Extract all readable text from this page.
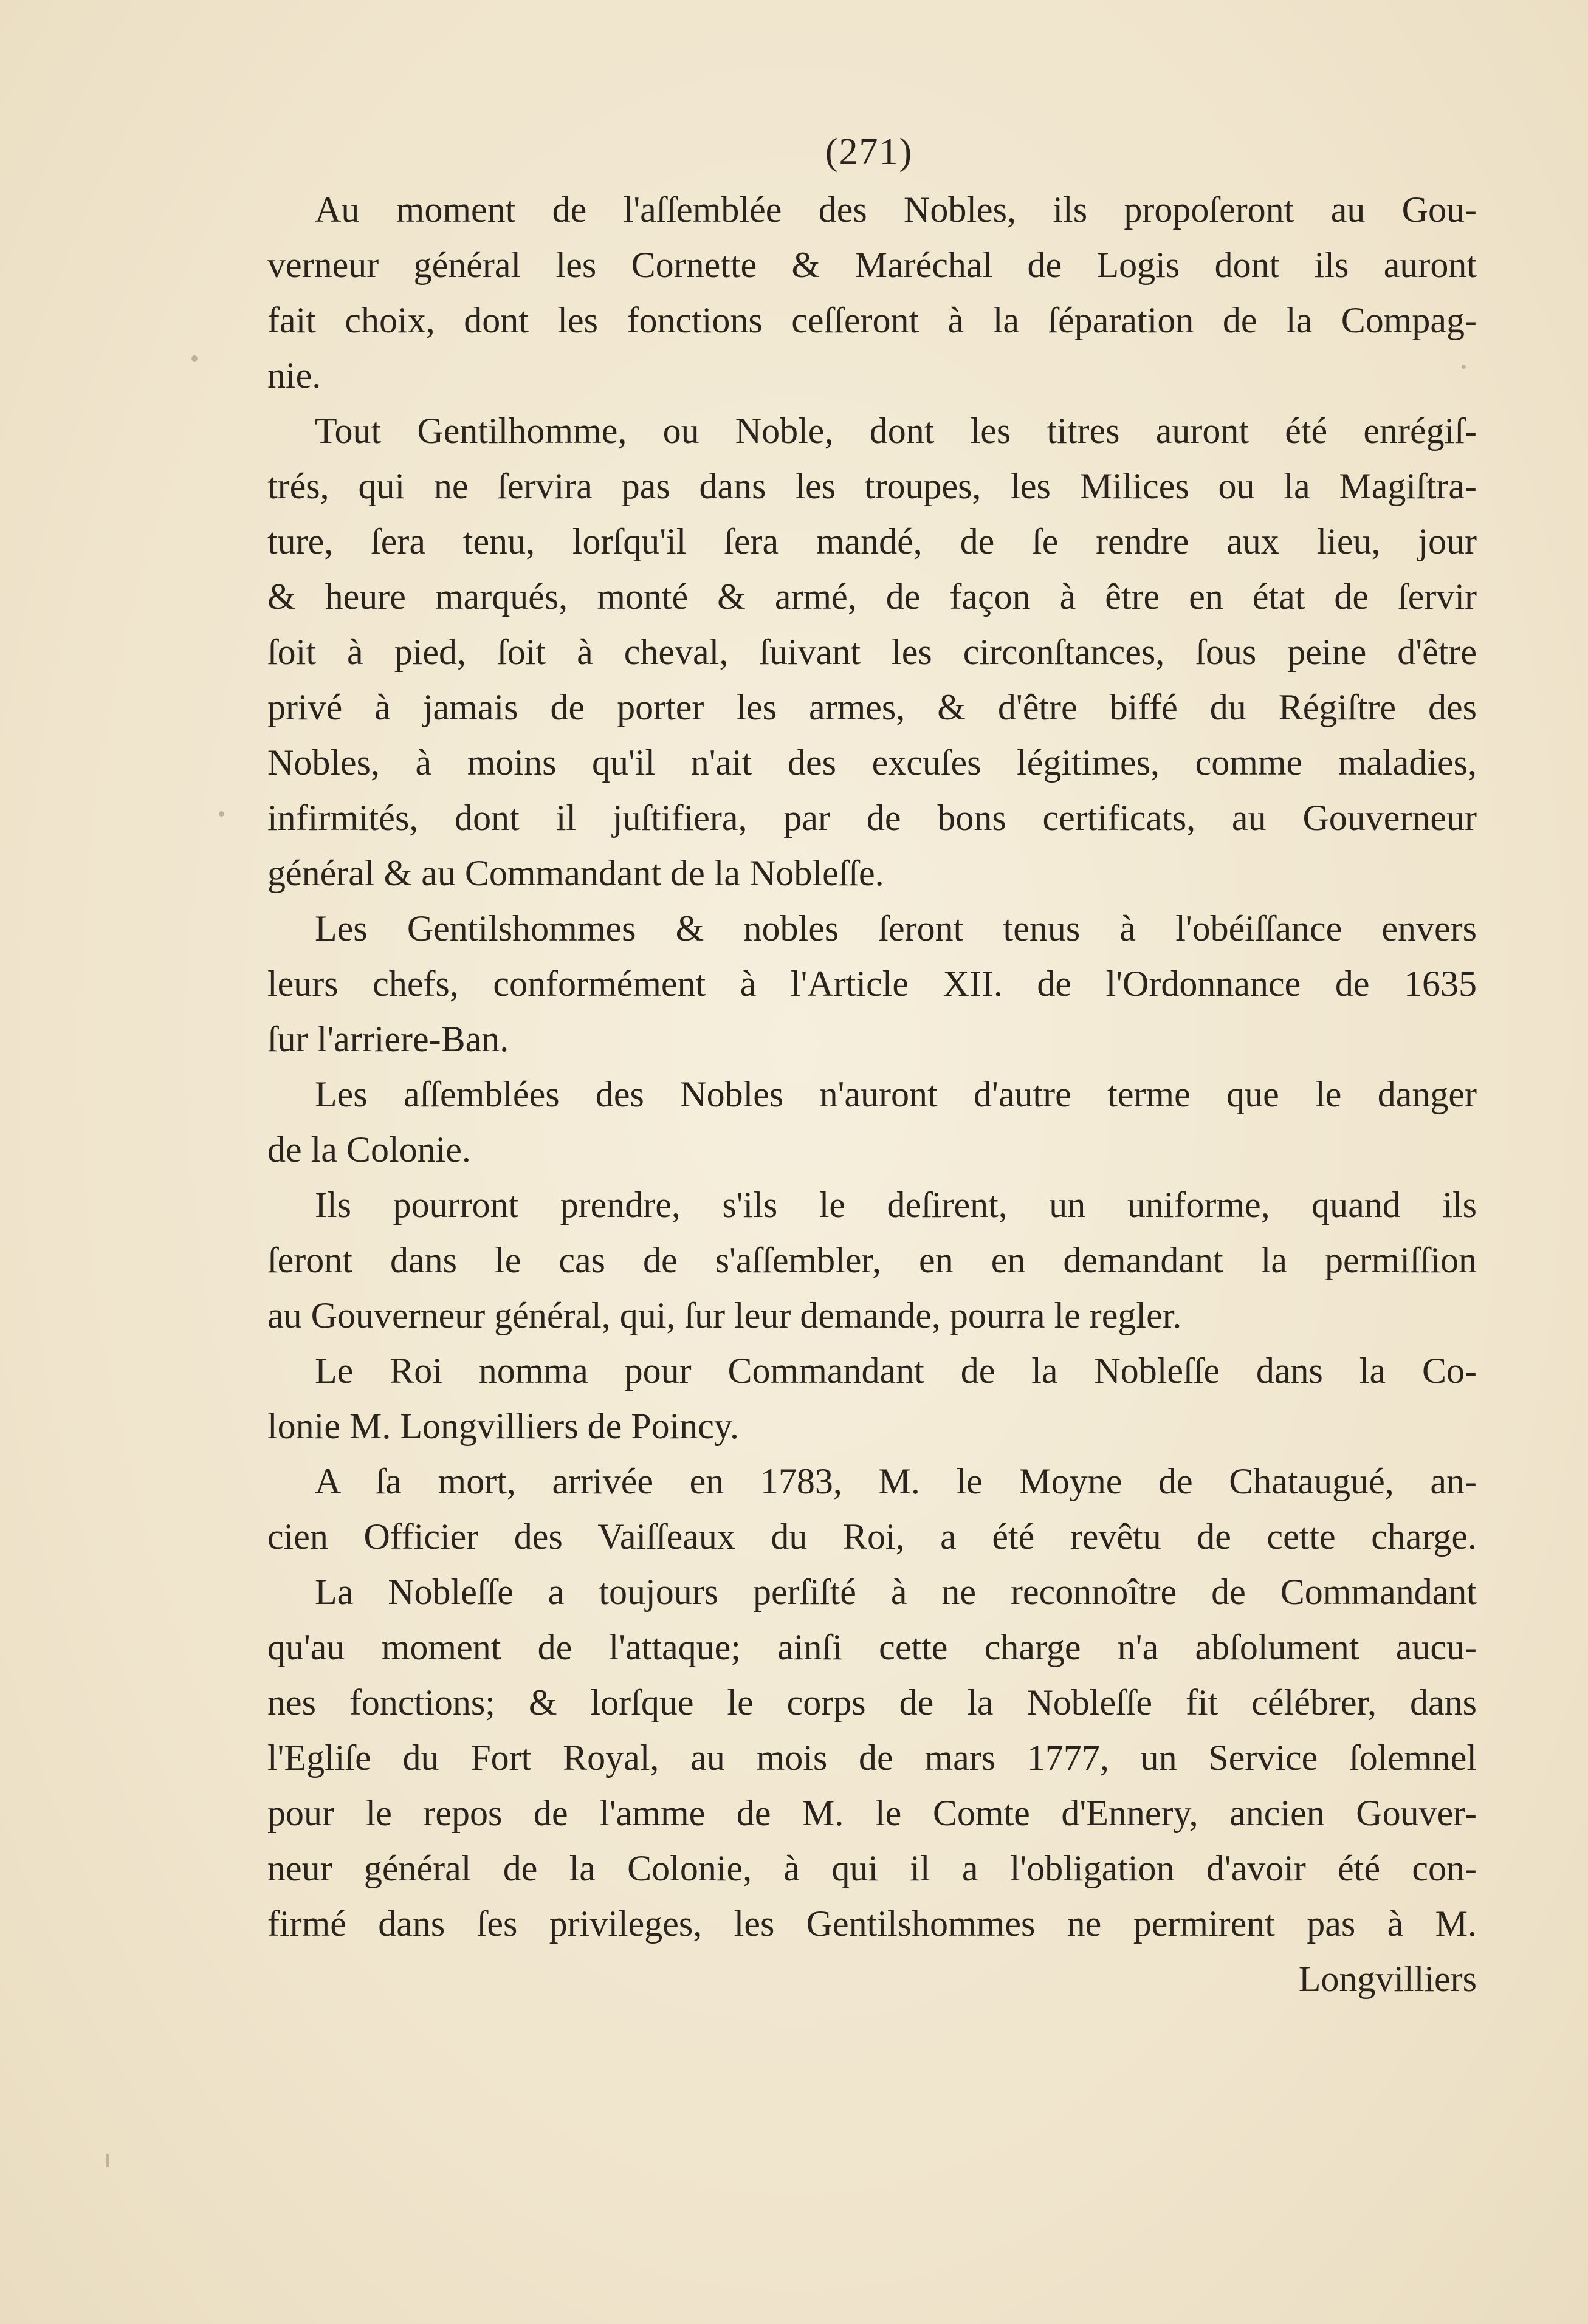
(271)
Au moment de l'aſſemblée des Nobles, ils propoſeront au Gou-
verneur général les Cornette & Maréchal de Logis dont ils auront
fait choix, dont les fonctions ceſſeront à la ſéparation de la Compag-
nie.
Tout Gentilhomme, ou Noble, dont les titres auront été enrégiſ-
trés, qui ne ſervira pas dans les troupes, les Milices ou la Magiſtra-
ture, ſera tenu, lorſqu'il ſera mandé, de ſe rendre aux lieu, jour
& heure marqués, monté & armé, de façon à être en état de ſervir
ſoit à pied, ſoit à cheval, ſuivant les circonſtances, ſous peine d'être
privé à jamais de porter les armes, & d'être biffé du Régiſtre des
Nobles, à moins qu'il n'ait des excuſes légitimes, comme maladies,
infirmités, dont il juſtifiera, par de bons certificats, au Gouverneur
général & au Commandant de la Nobleſſe.
Les Gentilshommes & nobles ſeront tenus à l'obéiſſance envers
leurs chefs, conformément à l'Article XII. de l'Ordonnance de 1635
ſur l'arriere-Ban.
Les aſſemblées des Nobles n'auront d'autre terme que le danger
de la Colonie.
Ils pourront prendre, s'ils le deſirent, un uniforme, quand ils
ſeront dans le cas de s'aſſembler, en en demandant la permiſſion
au Gouverneur général, qui, ſur leur demande, pourra le regler.
Le Roi nomma pour Commandant de la Nobleſſe dans la Co-
lonie M. Longvilliers de Poincy.
A ſa mort, arrivée en 1783, M. le Moyne de Chataugué, an-
cien Officier des Vaiſſeaux du Roi, a été revêtu de cette charge.
La Nobleſſe a toujours perſiſté à ne reconnoître de Commandant
qu'au moment de l'attaque; ainſi cette charge n'a abſolument aucu-
nes fonctions; & lorſque le corps de la Nobleſſe fit célébrer, dans
l'Egliſe du Fort Royal, au mois de mars 1777, un Service ſolemnel
pour le repos de l'amme de M. le Comte d'Ennery, ancien Gouver-
neur général de la Colonie, à qui il a l'obligation d'avoir été con-
firmé dans ſes privileges, les Gentilshommes ne permirent pas à M.
Longvilliers
